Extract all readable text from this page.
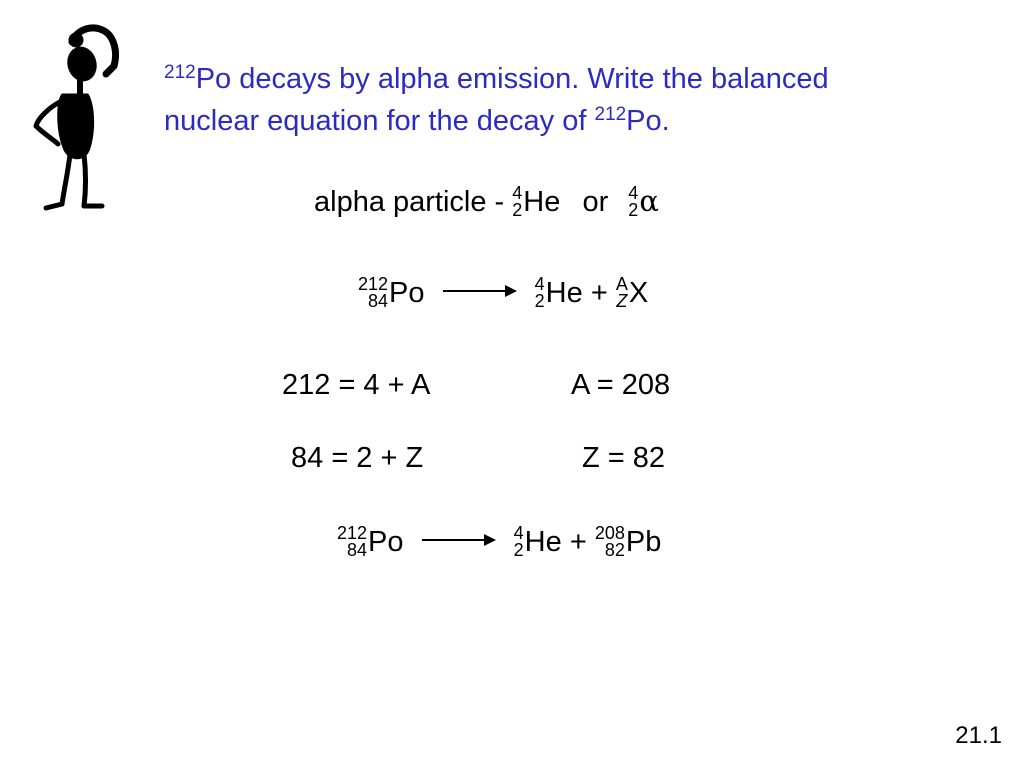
$^{212}$Po decays by alpha emission. Write the balanced
nuclear equation for the decay of $^{212}$Po.
alpha particle - 4
2 He or 4
2 α
212
84 Po	4
2 He + A
Z X
212 = 4 + A	A = 208
84 = 2 + Z	Z = 82
212
84 Po	4
2 He + 208
82 Pb
21.1
